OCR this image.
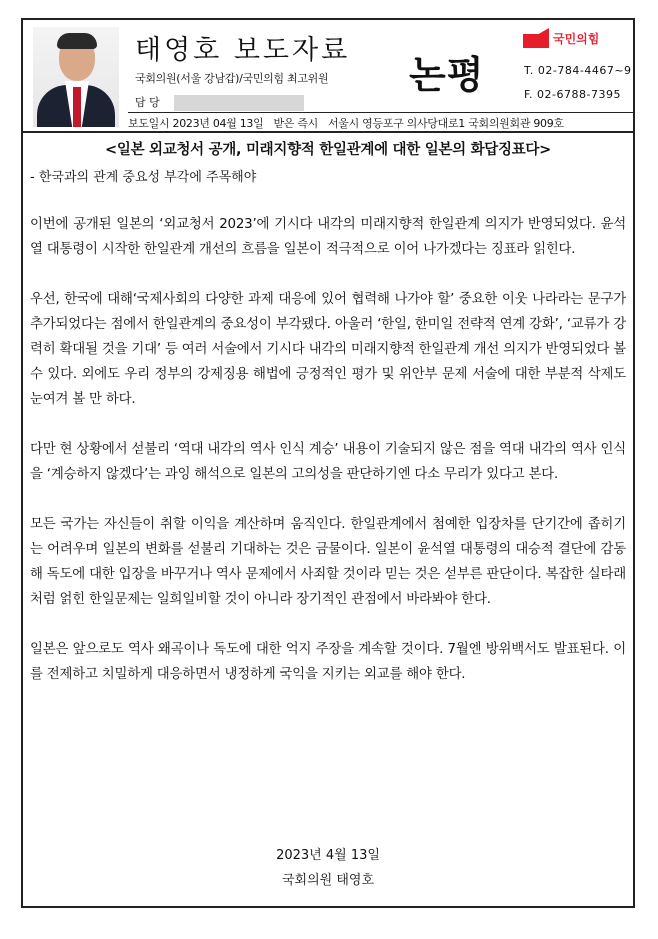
태영호 보도자료
국회의원(서울 강남갑)/국민의힘 최고위원
담 당
논평
국민의힘
T. 02-784-4467~9
F. 02-6788-7395
보도일시 2023년 04월 13일 받은 즉시 서울시 영등포구 의사당대로1 국회의원회관 909호
<일본 외교청서 공개, 미래지향적 한일관계에 대한 일본의 화답징표다>
- 한국과의 관계 중요성 부각에 주목해야

이번에 공개된 일본의 ‘외교청서 2023’에 기시다 내각의 미래지향적 한일관계 의지가 반영되었다. 윤석열 대통령이 시작한 한일관계 개선의 흐름을 일본이 적극적으로 이어 나가겠다는 징표라 읽힌다.

우선, 한국에 대해‘국제사회의 다양한 과제 대응에 있어 협력해 나가야 할’ 중요한 이웃 나라라는 문구가 추가되었다는 점에서 한일관계의 중요성이 부각됐다. 아울러 ‘한일, 한미일 전략적 연계 강화’, ‘교류가 강력히 확대될 것을 기대’ 등 여러 서술에서 기시다 내각의 미래지향적 한일관계 개선 의지가 반영되었다 볼 수 있다. 외에도 우리 정부의 강제징용 해법에 긍정적인 평가 및 위안부 문제 서술에 대한 부분적 삭제도 눈여겨 볼 만 하다.

다만 현 상황에서 섣불리 ‘역대 내각의 역사 인식 계승’ 내용이 기술되지 않은 점을 역대 내각의 역사 인식을 ‘계승하지 않겠다’는 과잉 해석으로 일본의 고의성을 판단하기엔 다소 무리가 있다고 본다.

모든 국가는 자신들이 취할 이익을 계산하며 움직인다. 한일관계에서 첨예한 입장차를 단기간에 좁히기는 어려우며 일본의 변화를 섣불리 기대하는 것은 금물이다. 일본이 윤석열 대통령의 대승적 결단에 감동해 독도에 대한 입장을 바꾸거나 역사 문제에서 사죄할 것이라 믿는 것은 섣부른 판단이다. 복잡한 실타래처럼 얽힌 한일문제는 일희일비할 것이 아니라 장기적인 관점에서 바라봐야 한다.

일본은 앞으로도 역사 왜곡이나 독도에 대한 억지 주장을 계속할 것이다. 7월엔 방위백서도 발표된다. 이를 전제하고 치밀하게 대응하면서 냉정하게 국익을 지키는 외교를 해야 한다.

2023년 4월 13일
국회의원 태영호
